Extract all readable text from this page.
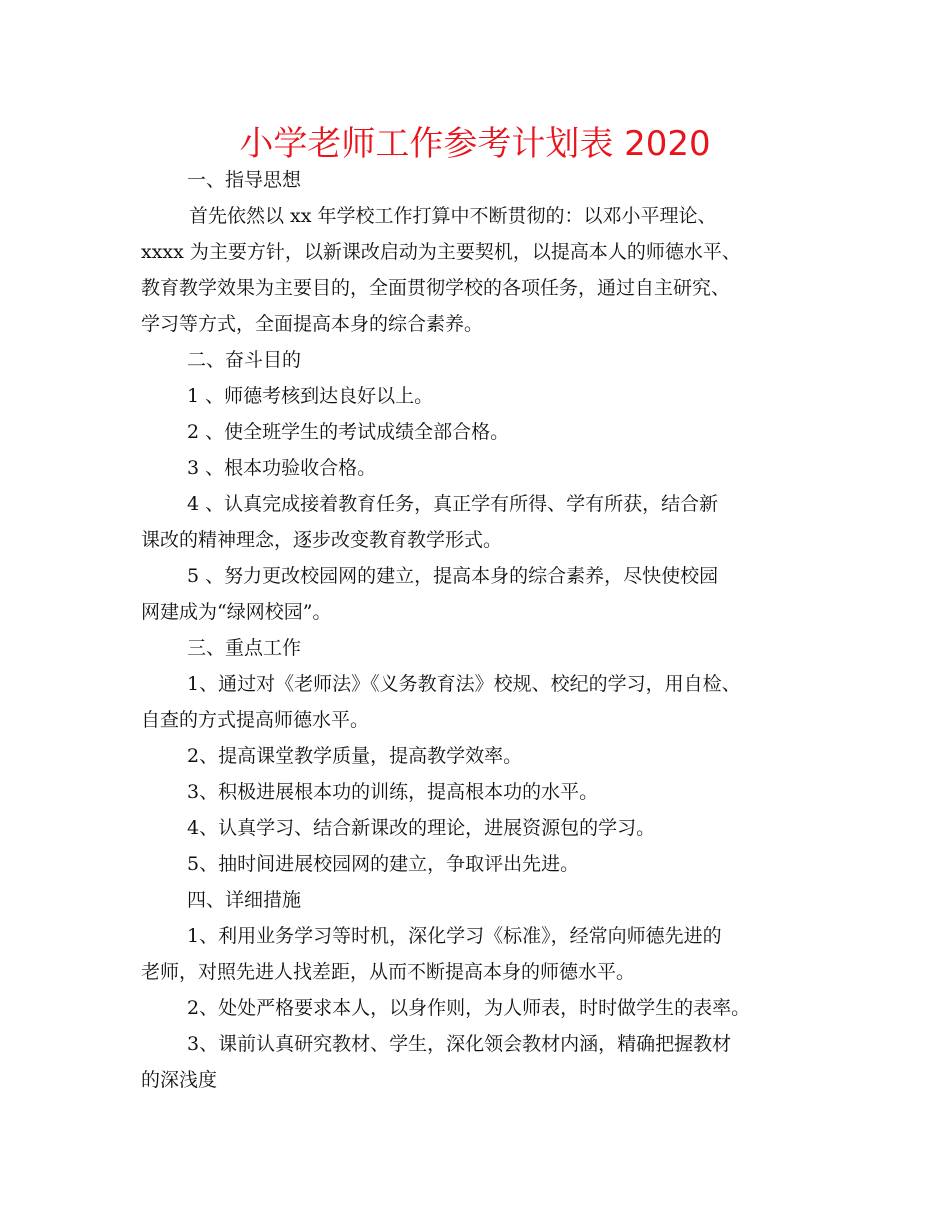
小学老师工作参考计划表 2020

一、指导思想

首先依然以 xx 年学校工作打算中不断贯彻的：以邓小平理论、

xxxx 为主要方针，以新课改启动为主要契机，以提高本人的师德水平、

教育教学效果为主要目的，全面贯彻学校的各项任务，通过自主研究、

学习等方式，全面提高本身的综合素养。

二、奋斗目的

1 、师德考核到达良好以上。

2 、使全班学生的考试成绩全部合格。

3 、根本功验收合格。

4 、认真完成接着教育任务，真正学有所得、学有所获，结合新

课改的精神理念，逐步改变教育教学形式。

5 、努力更改校园网的建立，提高本身的综合素养，尽快使校园

网建成为“绿网校园”。

三、重点工作

1、通过对《老师法》《义务教育法》校规、校纪的学习，用自检、

自查的方式提高师德水平。

2、提高课堂教学质量，提高教学效率。

3、积极进展根本功的训练，提高根本功的水平。

4、认真学习、结合新课改的理论，进展资源包的学习。

5、抽时间进展校园网的建立，争取评出先进。

四、详细措施

1、利用业务学习等时机，深化学习《标准》，经常向师德先进的

老师，对照先进人找差距，从而不断提高本身的师德水平。

2、处处严格要求本人，以身作则，为人师表，时时做学生的表率。

3、课前认真研究教材、学生，深化领会教材内涵，精确把握教材

的深浅度
